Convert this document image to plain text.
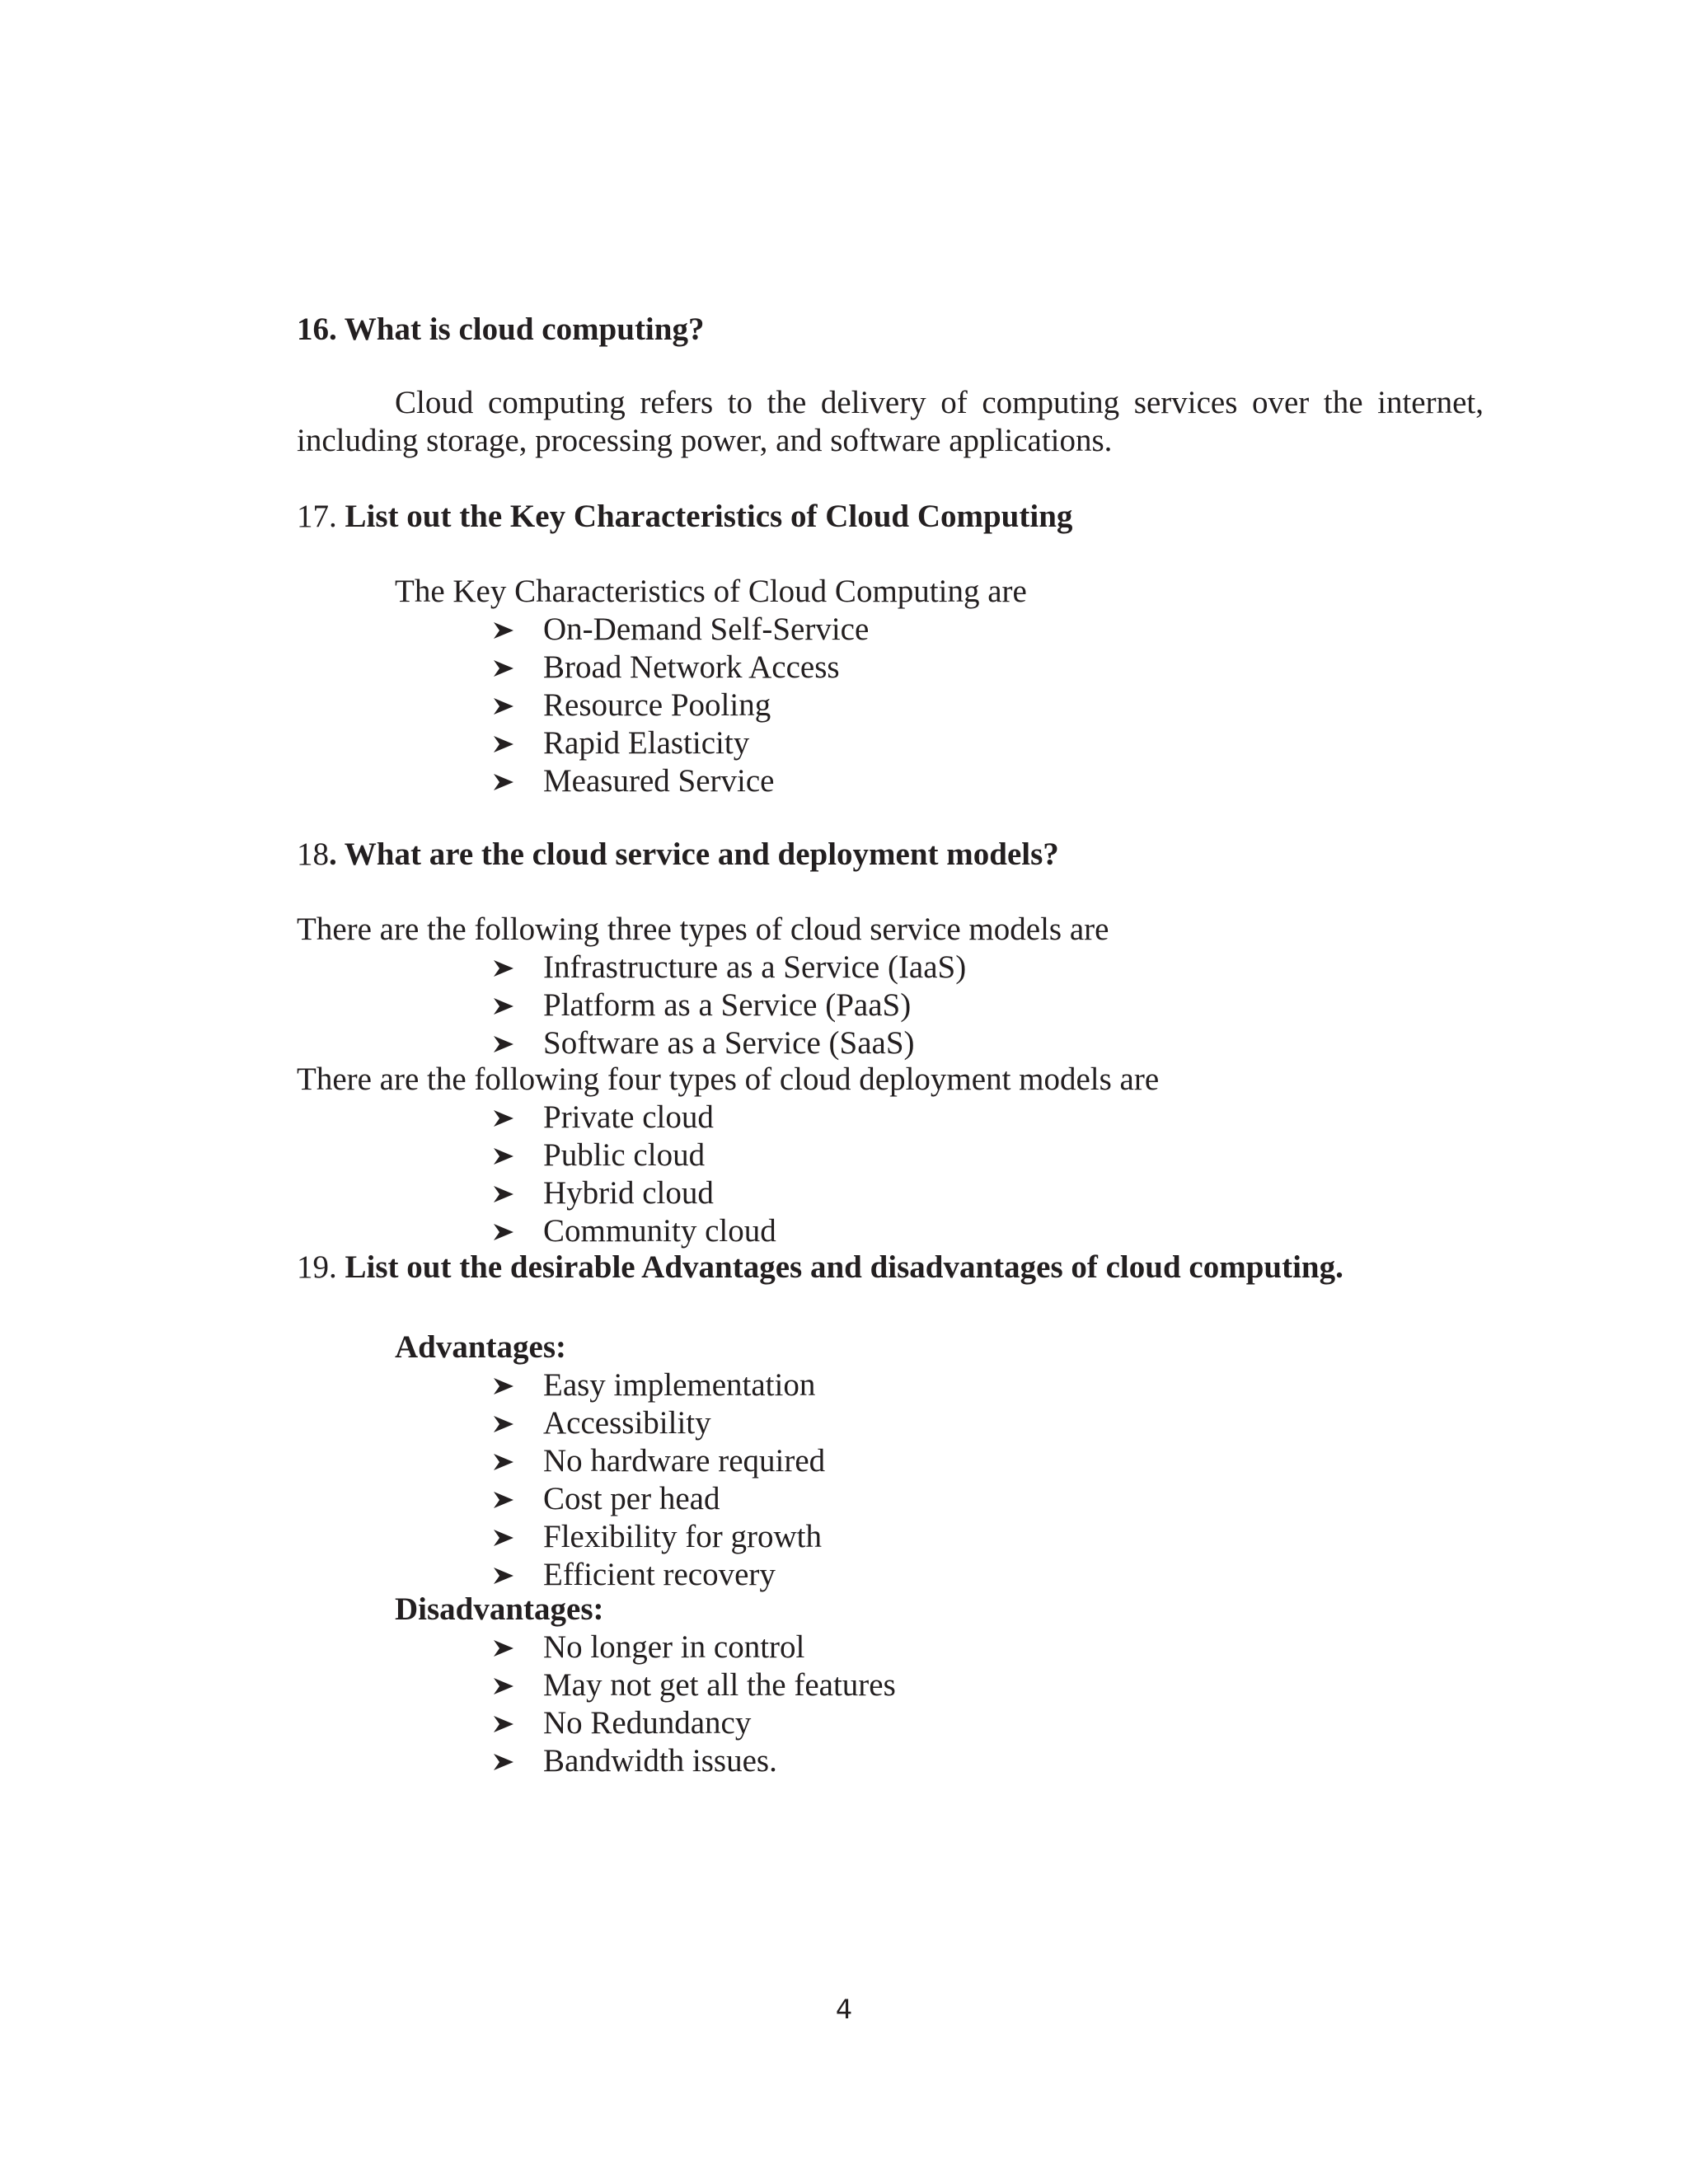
16. What is cloud computing?
Cloud computing refers to the delivery of computing services over the internet, including storage, processing power, and software applications.
17. List out the Key Characteristics of Cloud Computing
The Key Characteristics of Cloud Computing are
On-Demand Self-Service
Broad Network Access
Resource Pooling
Rapid Elasticity
Measured Service
18. What are the cloud service and deployment models?
There are the following three types of cloud service models are
Infrastructure as a Service (IaaS)
Platform as a Service (PaaS)
Software as a Service (SaaS)
There are the following four types of cloud deployment models are
Private cloud
Public cloud
Hybrid cloud
Community cloud
19. List out the desirable Advantages and disadvantages of cloud computing.
Advantages:
Easy implementation
Accessibility
No hardware required
Cost per head
Flexibility for growth
Efficient recovery
Disadvantages:
No longer in control
May not get all the features
No Redundancy
Bandwidth issues.
4
